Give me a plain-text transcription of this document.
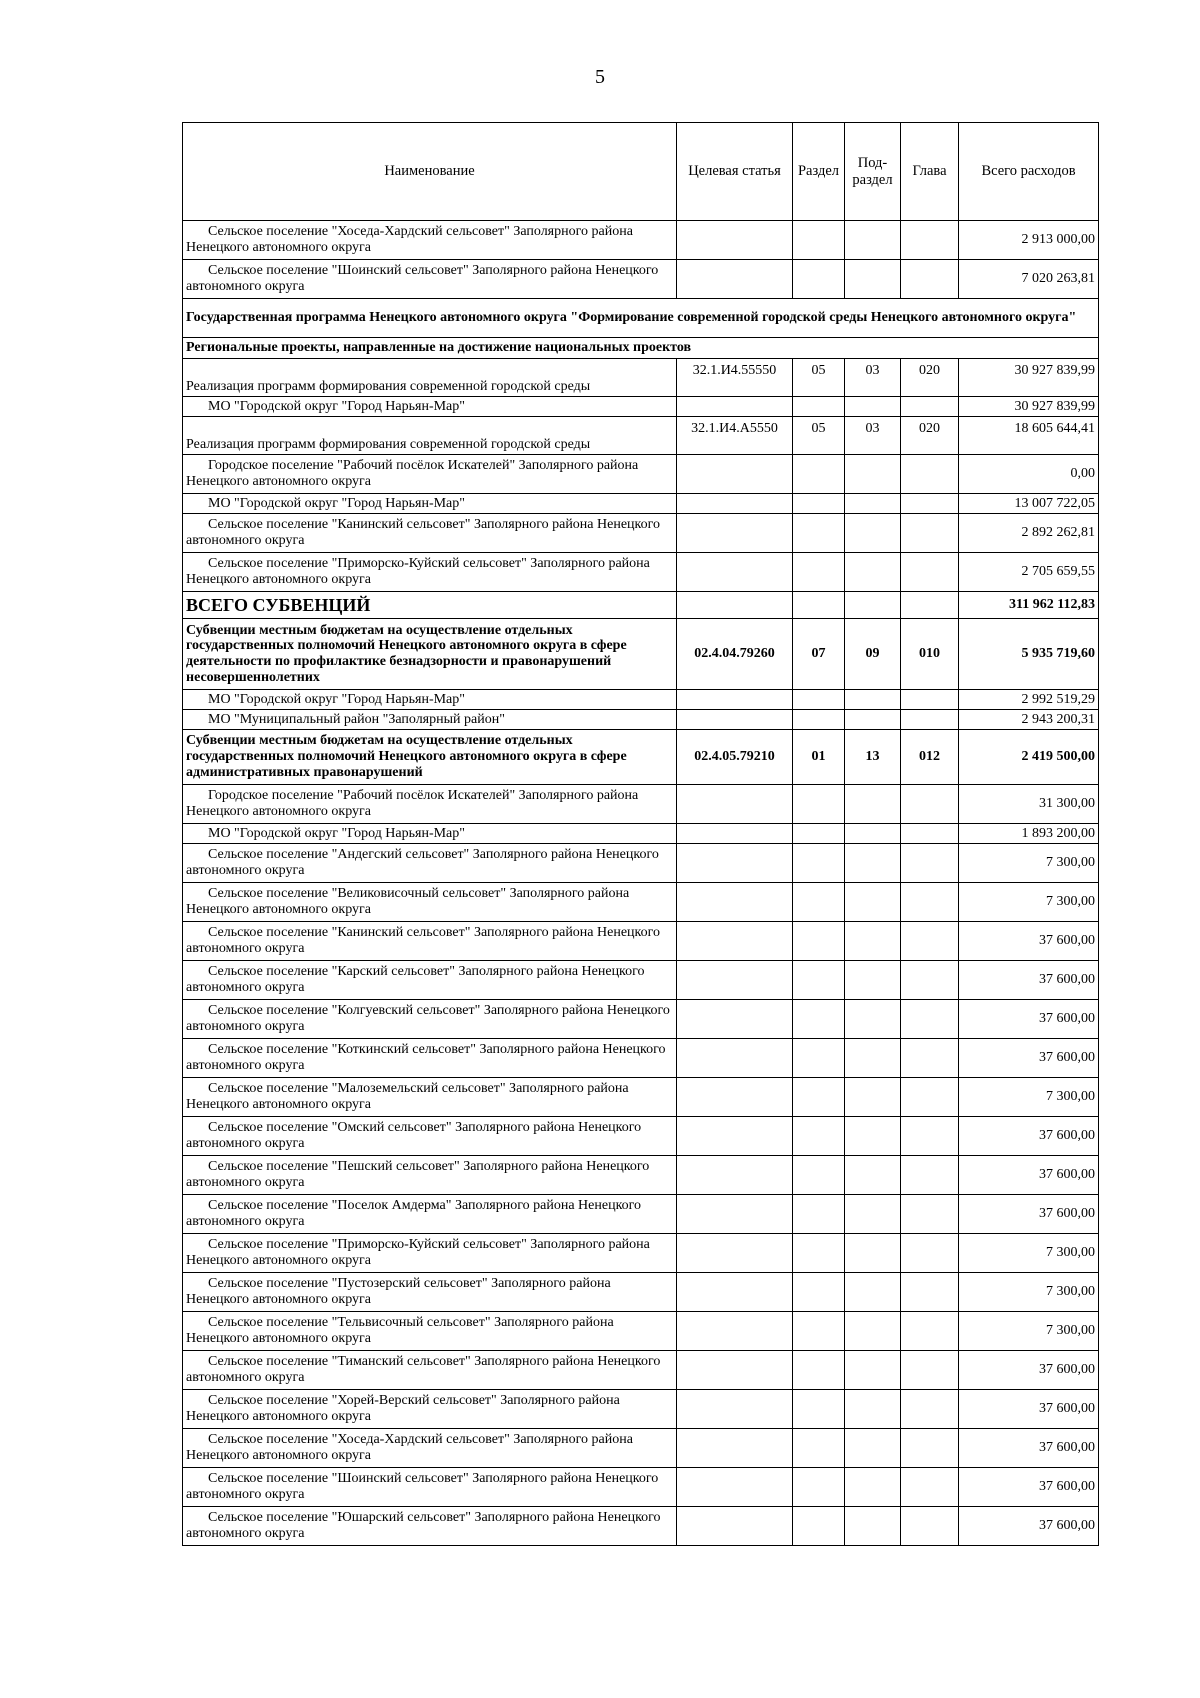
5
Наименование	Целевая статья	Раздел	Под- раздел	Глава	Всего расходов
Сельское поселение "Хоседа-Хардский сельсовет" Заполярного района Ненецкого автономного округа					2 913 000,00
Сельское поселение "Шоинский сельсовет" Заполярного района Ненецкого автономного округа					7 020 263,81
Государственная программа Ненецкого автономного округа "Формирование современной городской среды Ненецкого автономного округа"					
Региональные проекты, направленные на достижение национальных проектов					
Реализация программ формирования современной городской среды	32.1.И4.55550	05	03	020	30 927 839,99
МО "Городской округ "Город Нарьян-Мар"					30 927 839,99
Реализация программ формирования современной городской среды	32.1.И4.А5550	05	03	020	18 605 644,41
Городское поселение "Рабочий посёлок Искателей" Заполярного района Ненецкого автономного округа					0,00
МО "Городской округ "Город Нарьян-Мар"					13 007 722,05
Сельское поселение "Канинский сельсовет" Заполярного района Ненецкого автономного округа					2 892 262,81
Сельское поселение "Приморско-Куйский сельсовет" Заполярного района Ненецкого автономного округа					2 705 659,55
ВСЕГО СУБВЕНЦИЙ					311 962 112,83
Субвенции местным бюджетам на осуществление отдельных государственных полномочий Ненецкого автономного округа в сфере деятельности по профилактике безнадзорности и правонарушений несовершеннолетних	02.4.04.79260	07	09	010	5 935 719,60
МО "Городской округ "Город Нарьян-Мар"					2 992 519,29
МО "Муниципальный район "Заполярный район"					2 943 200,31
Субвенции местным бюджетам на осуществление отдельных государственных полномочий Ненецкого автономного округа в сфере административных правонарушений	02.4.05.79210	01	13	012	2 419 500,00
Городское поселение "Рабочий посёлок Искателей" Заполярного района Ненецкого автономного округа					31 300,00
МО "Городской округ "Город Нарьян-Мар"					1 893 200,00
Сельское поселение "Андегский сельсовет" Заполярного района Ненецкого автономного округа					7 300,00
Сельское поселение "Великовисочный сельсовет" Заполярного района Ненецкого автономного округа					7 300,00
Сельское поселение "Канинский сельсовет" Заполярного района Ненецкого автономного округа					37 600,00
Сельское поселение "Карский сельсовет" Заполярного района Ненецкого автономного округа					37 600,00
Сельское поселение "Колгуевский сельсовет" Заполярного района Ненецкого автономного округа					37 600,00
Сельское поселение "Коткинский сельсовет" Заполярного района Ненецкого автономного округа					37 600,00
Сельское поселение "Малоземельский сельсовет" Заполярного района Ненецкого автономного округа					7 300,00
Сельское поселение "Омский сельсовет" Заполярного района Ненецкого автономного округа					37 600,00
Сельское поселение "Пешский сельсовет" Заполярного района Ненецкого автономного округа					37 600,00
Сельское поселение "Поселок Амдерма" Заполярного района Ненецкого автономного округа					37 600,00
Сельское поселение "Приморско-Куйский сельсовет" Заполярного района Ненецкого автономного округа					7 300,00
Сельское поселение "Пустозерский сельсовет" Заполярного района Ненецкого автономного округа					7 300,00
Сельское поселение "Тельвисочный сельсовет" Заполярного района Ненецкого автономного округа					7 300,00
Сельское поселение "Тиманский сельсовет" Заполярного района Ненецкого автономного округа					37 600,00
Сельское поселение "Хорей-Верский сельсовет" Заполярного района Ненецкого автономного округа					37 600,00
Сельское поселение "Хоседа-Хардский сельсовет" Заполярного района Ненецкого автономного округа					37 600,00
Сельское поселение "Шоинский сельсовет" Заполярного района Ненецкого автономного округа					37 600,00
Сельское поселение "Юшарский сельсовет" Заполярного района Ненецкого автономного округа					37 600,00
